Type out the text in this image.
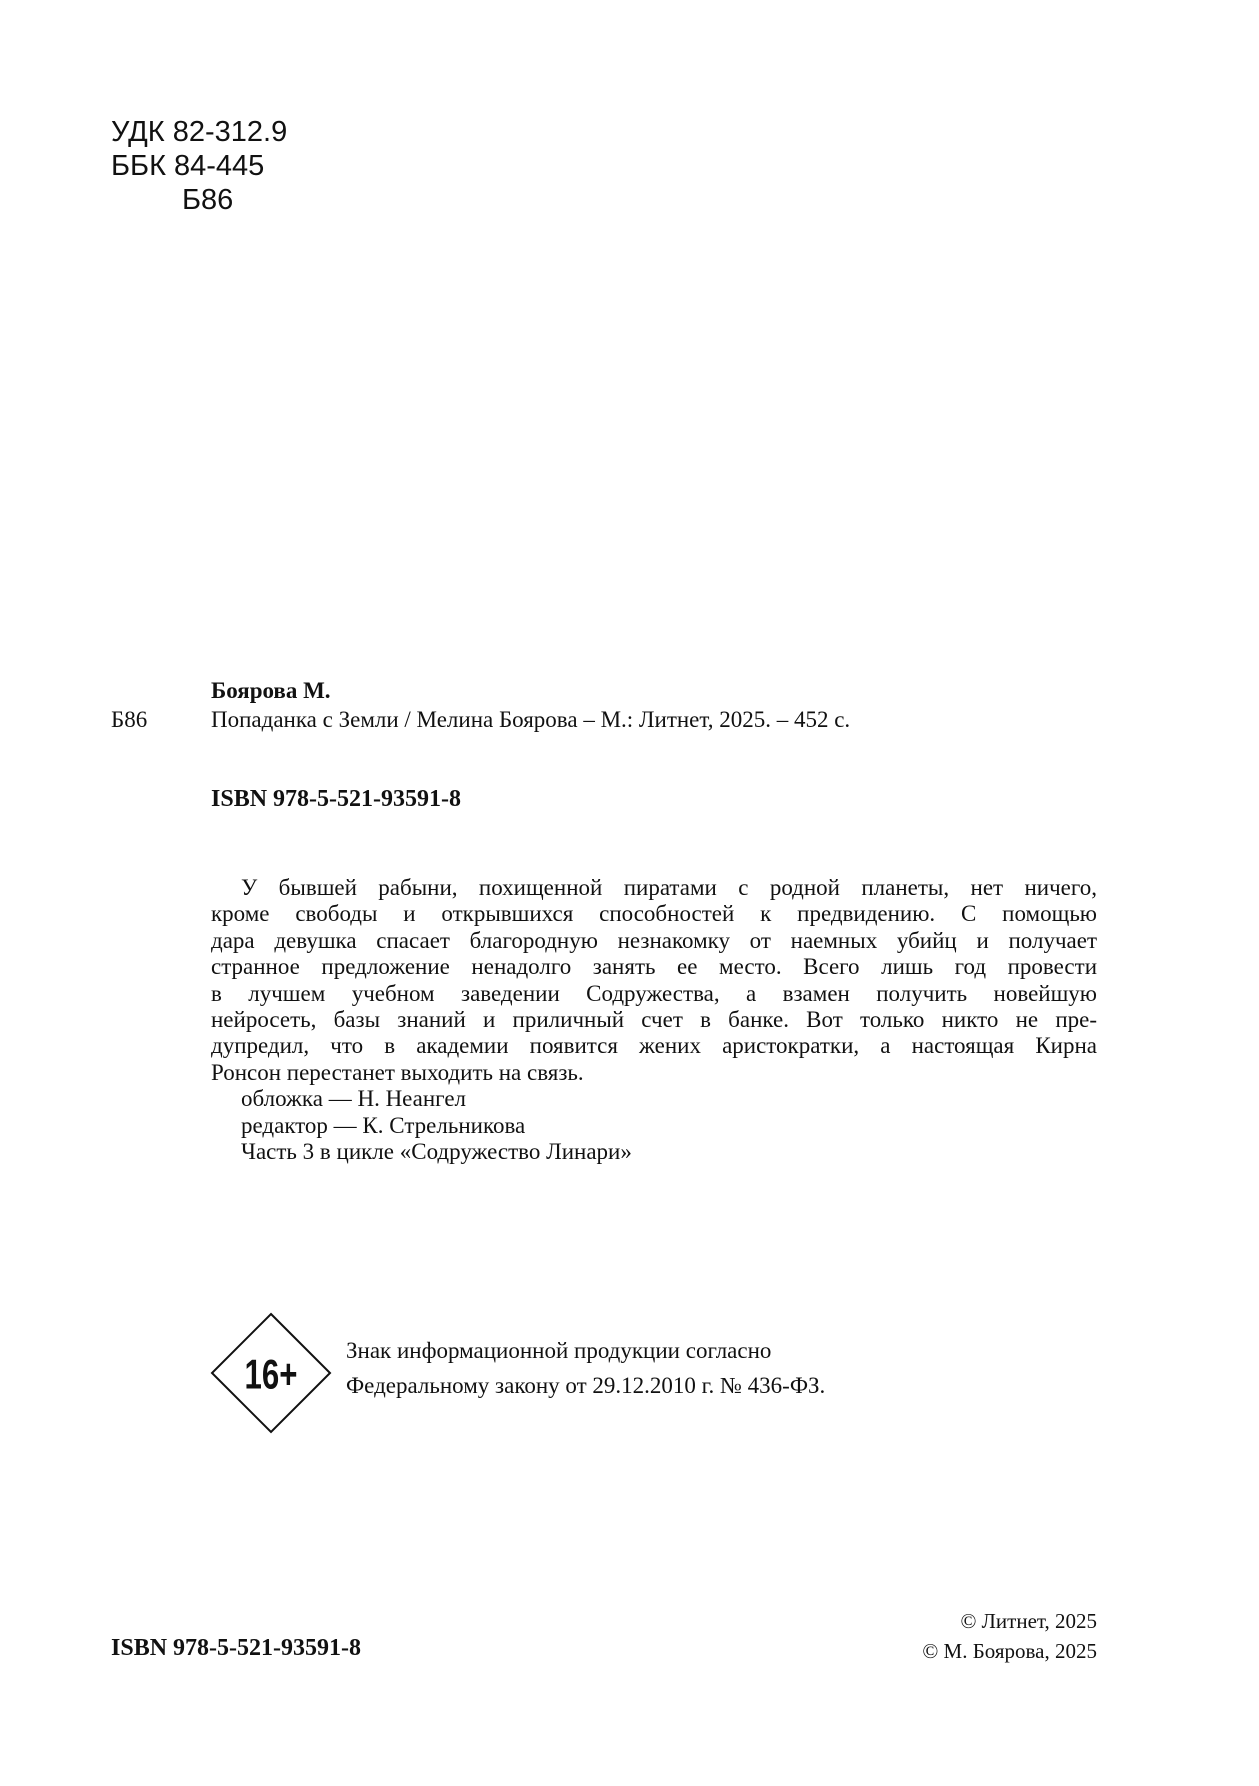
УДК 82-312.9
ББК 84-445
Б86
Боярова М.
Б86	Попаданка с Земли / Мелина Боярова – М.: Литнет, 2025. – 452 с.
ISBN 978-5-521-93591-8
У бывшей рабыни, похищенной пиратами с родной планеты, нет ничего,
кроме свободы и открывшихся способностей к предвидению. С помощью
дара девушка спасает благородную незнакомку от наемных убийц и получает
странное предложение ненадолго занять ее место. Всего лишь год провести
в лучшем учебном заведении Содружества, а взамен получить новейшую
нейросеть, базы знаний и приличный счет в банке. Вот только никто не пре-
дупредил, что в академии появится жених аристократки, а настоящая Кирна
Ронсон перестанет выходить на связь.
обложка — Н. Неангел
редактор — К. Стрельникова
Часть 3 в цикле «Содружество Линари»
16+
Знак информационной продукции согласно
Федеральному закону от 29.12.2010 г. № 436-ФЗ.
ISBN 978-5-521-93591-8
© Литнет, 2025
© М. Боярова, 2025
